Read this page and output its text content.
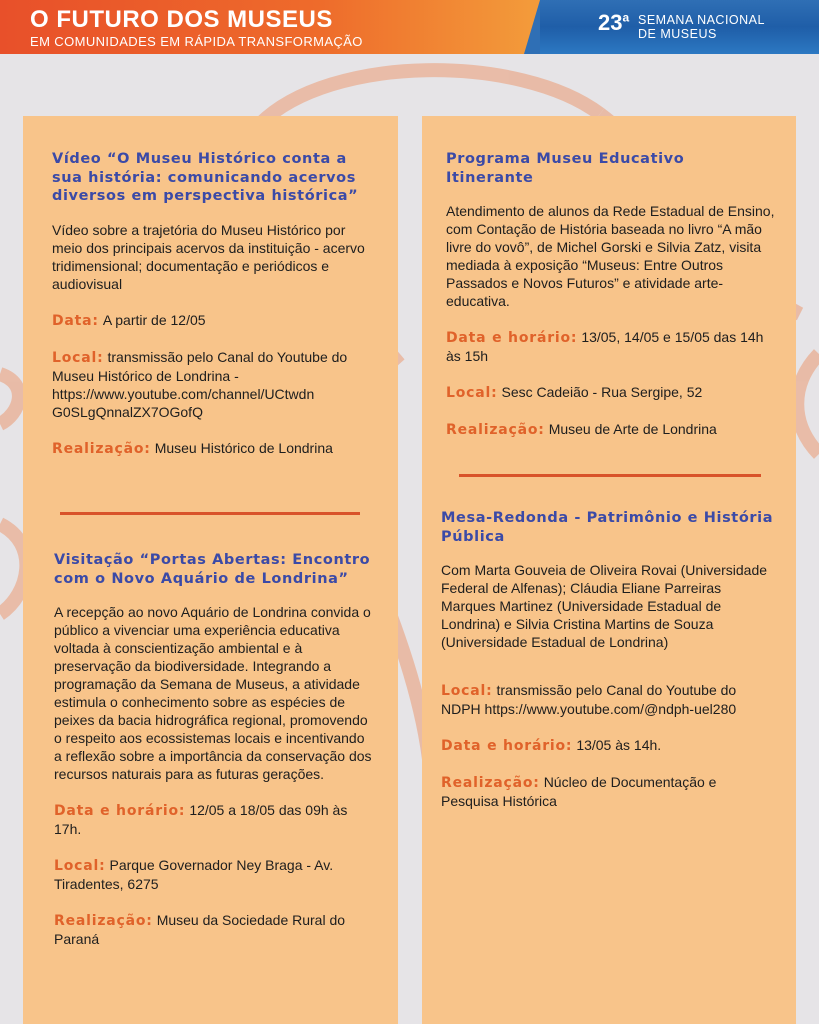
O FUTURO DOS MUSEUS
EM COMUNIDADES EM RÁPIDA TRANSFORMAÇÃO
23$^a$ SEMANA NACIONAL
DE MUSEUS
Vídeo “O Museu Histórico conta a sua história: comunicando acervos diversos em perspectiva histórica”
Vídeo sobre a trajetória do Museu Histórico por meio dos principais acervos da instituição - acervo tridimensional; documentação e periódicos e audiovisual
Data: A partir de 12/05
Local: transmissão pelo Canal do Youtube do Museu Histórico de Londrina - https://www.youtube.com/channel/UCtwdn G0SLgQnnalZX7OGofQ
Realização: Museu Histórico de Londrina
Visitação “Portas Abertas: Encontro com o Novo Aquário de Londrina”
A recepção ao novo Aquário de Londrina convida o público a vivenciar uma experiência educativa voltada à conscientização ambiental e à preservação da biodiversidade. Integrando a programação da Semana de Museus, a atividade estimula o conhecimento sobre as espécies de peixes da bacia hidrográfica regional, promovendo o respeito aos ecossistemas locais e incentivando a reflexão sobre a importância da conservação dos recursos naturais para as futuras gerações.
Data e horário: 12/05 a 18/05 das 09h às 17h.
Local: Parque Governador Ney Braga - Av. Tiradentes, 6275
Realização: Museu da Sociedade Rural do Paraná
Programa Museu Educativo Itinerante
Atendimento de alunos da Rede Estadual de Ensino, com Contação de História baseada no livro “A mão livre do vovô”, de Michel Gorski e Silvia Zatz, visita mediada à exposição “Museus: Entre Outros Passados e Novos Futuros” e atividade arte-educativa.
Data e horário: 13/05, 14/05 e 15/05 das 14h às 15h
Local: Sesc Cadeião - Rua Sergipe, 52
Realização: Museu de Arte de Londrina
Mesa-Redonda - Patrimônio e História Pública
Com Marta Gouveia de Oliveira Rovai (Universidade Federal de Alfenas); Cláudia Eliane Parreiras Marques Martinez (Universidade Estadual de Londrina) e Silvia Cristina Martins de Souza (Universidade Estadual de Londrina)
Local: transmissão pelo Canal do Youtube do NDPH https://www.youtube.com/@ndph-uel280
Data e horário: 13/05 às 14h.
Realização: Núcleo de Documentação e Pesquisa Histórica
